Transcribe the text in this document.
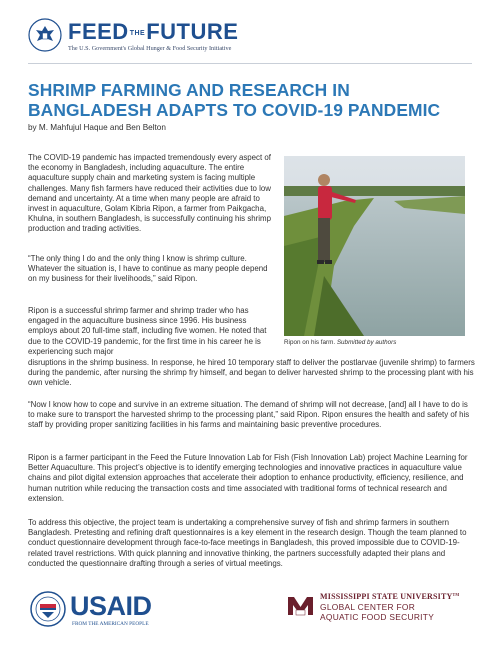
FEEDTHEFUTURE
The U.S. Government's Global Hunger & Food Security Initiative
SHRIMP FARMING AND RESEARCH IN BANGLADESH ADAPTS TO COVID-19 PANDEMIC
by M. Mahfujul Haque and Ben Belton

The COVID-19 pandemic has impacted tremendously every aspect of the economy in Bangladesh, including aquaculture. The entire aquaculture supply chain and marketing system is facing multiple challenges. Many fish farmers have reduced their activities due to low demand and uncertainty. At a time when many people are afraid to invest in aquaculture, Golam Kibria Ripon, a farmer from Paikgacha, Khulna, in southern Bangladesh, is successfully continuing his shrimp production and trading activities.

“The only thing I do and the only thing I know is shrimp culture. Whatever the situation is, I have to continue as many people depend on my business for their livelihoods,” said Ripon.

Ripon is a successful shrimp farmer and shrimp trader who has engaged in the aquaculture business since 1996. His business employs about 20 full-time staff, including five women. He noted that due to the COVID-19 pandemic, for the first time in his career he is experiencing such major

disruptions in the shrimp business. In response, he hired 10 temporary staff to deliver the postlarvae (juvenile shrimp) to farmers during the pandemic, after nursing the shrimp fry himself, and began to deliver harvested shrimp to the processing plant with his own vehicle.

“Now I know how to cope and survive in an extreme situation. The demand of shrimp will not decrease, [and] all I have to do is to make sure to transport the harvested shrimp to the processing plant,” said Ripon. Ripon ensures the health and safety of his staff by providing proper sanitizing facilities in his farms and maintaining basic preventive procedures.

Ripon is a farmer participant in the Feed the Future Innovation Lab for Fish (Fish Innovation Lab) project Machine Learning for Better Aquaculture. This project’s objective is to identify emerging technologies and innovative practices in aquaculture value chains and pilot digital extension approaches that accelerate their adoption to enhance productivity, efficiency, resilience, and human nutrition while reducing the transaction costs and time associated with traditional forms of technical research and extension.

To address this objective, the project team is undertaking a comprehensive survey of fish and shrimp farmers in southern Bangladesh. Pretesting and refining draft questionnaires is a key element in the research design. Though the team planned to conduct questionnaire development through face-to-face meetings in Bangladesh, this proved impossible due to COVID-19-related travel restrictions. With quick planning and innovative thinking, the partners successfully adapted their plans and conducted the questionnaire drafting through a series of virtual meetings.

Ripon on his farm. Submitted by authors
USAID
FROM THE AMERICAN PEOPLE
MISSISSIPPI STATE UNIVERSITY™
GLOBAL CENTER FOR
AQUATIC FOOD SECURITY
